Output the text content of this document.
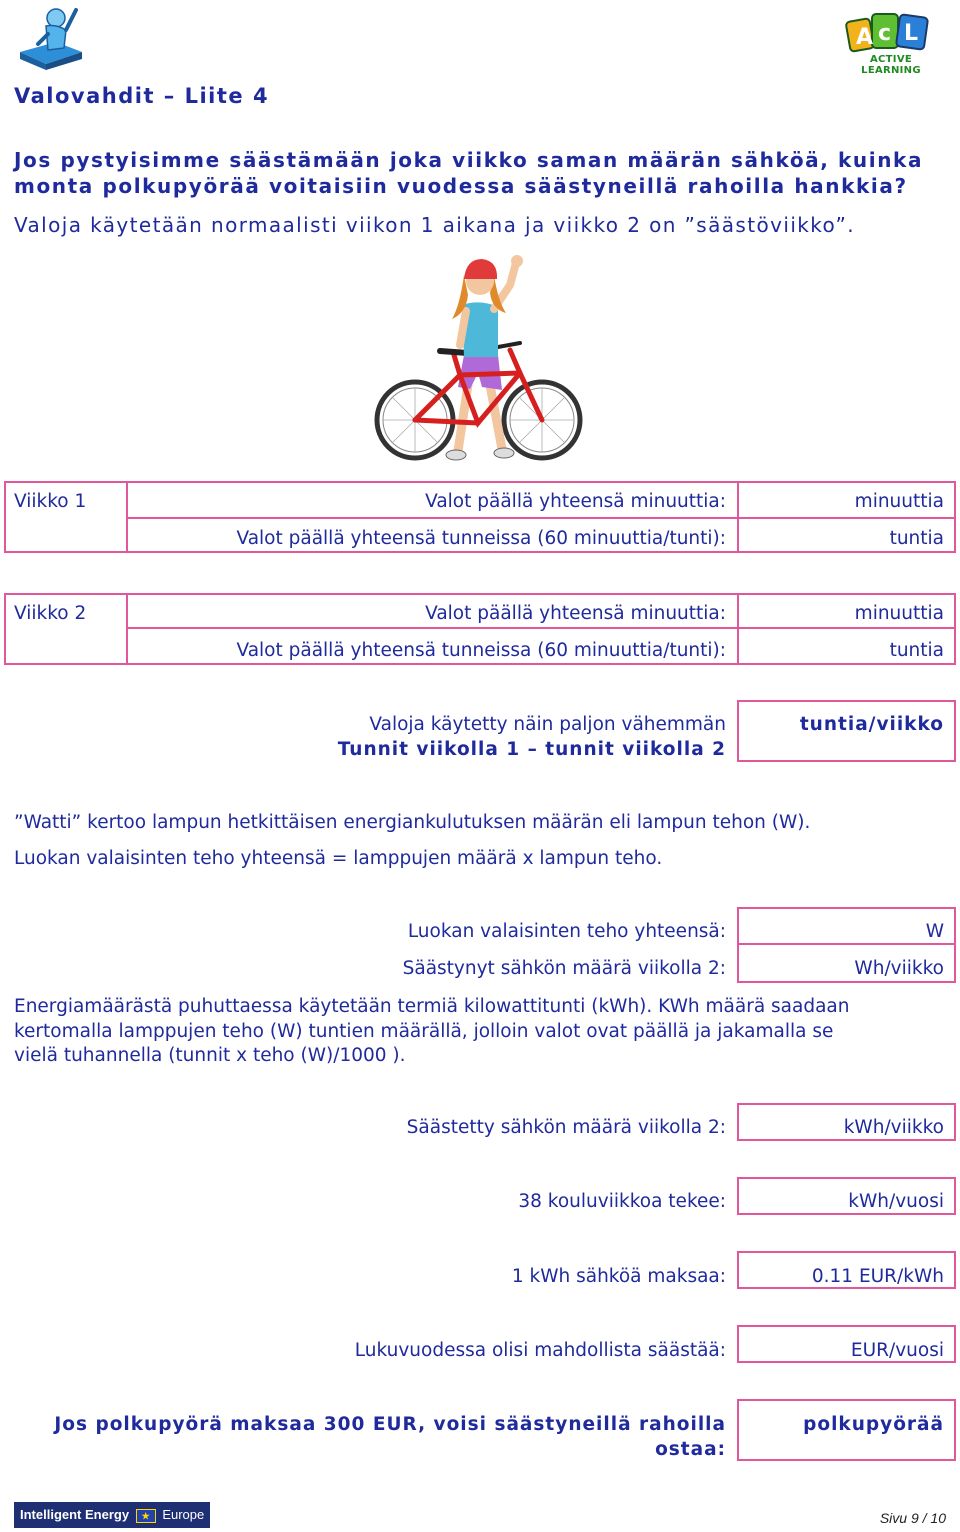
A c L
ACTIVE LEARNING
Valovahdit – Liite 4
Jos pystyisimme säästämään joka viikko saman määrän sähköä, kuinka
monta polkupyörää voitaisiin vuodessa säästyneillä rahoilla hankkia?
Valoja käytetään normaalisti viikon 1 aikana ja viikko 2 on ”säästöviikko”.
Viikko 1	Valot päällä yhteensä minuuttia:	minuuttia
Valot päällä yhteensä tunneissa (60 minuuttia/tunti):	tuntia
Viikko 2	Valot päällä yhteensä minuuttia:	minuuttia
Valot päällä yhteensä tunneissa (60 minuuttia/tunti):	tuntia
Valoja käytetty näin paljon vähemmän
Tunnit viikolla 1 – tunnit viikolla 2
tuntia/viikko
”Watti” kertoo lampun hetkittäisen energiankulutuksen määrän eli lampun tehon (W).
Luokan valaisinten teho yhteensä = lamppujen määrä x lampun teho.
Luokan valaisinten teho yhteensä:	W
Säästynyt sähkön määrä viikolla 2:	Wh/viikko
Energiamäärästä puhuttaessa käytetään termiä kilowattitunti (kWh). KWh määrä saadaan
kertomalla lamppujen teho (W) tuntien määrällä, jolloin valot ovat päällä ja jakamalla se
vielä tuhannella (tunnit x teho (W)/1000 ).
Säästetty sähkön määrä viikolla 2:	kWh/viikko
38 kouluviikkoa tekee:	kWh/vuosi
1 kWh sähköä maksaa:	0.11 EUR/kWh
Lukuvuodessa olisi mahdollista säästää:	EUR/vuosi
Jos polkupyörä maksaa 300 EUR, voisi säästyneillä rahoilla
ostaa:
polkupyörää
Intelligent Energy ★ Europe	Sivu 9 / 10
